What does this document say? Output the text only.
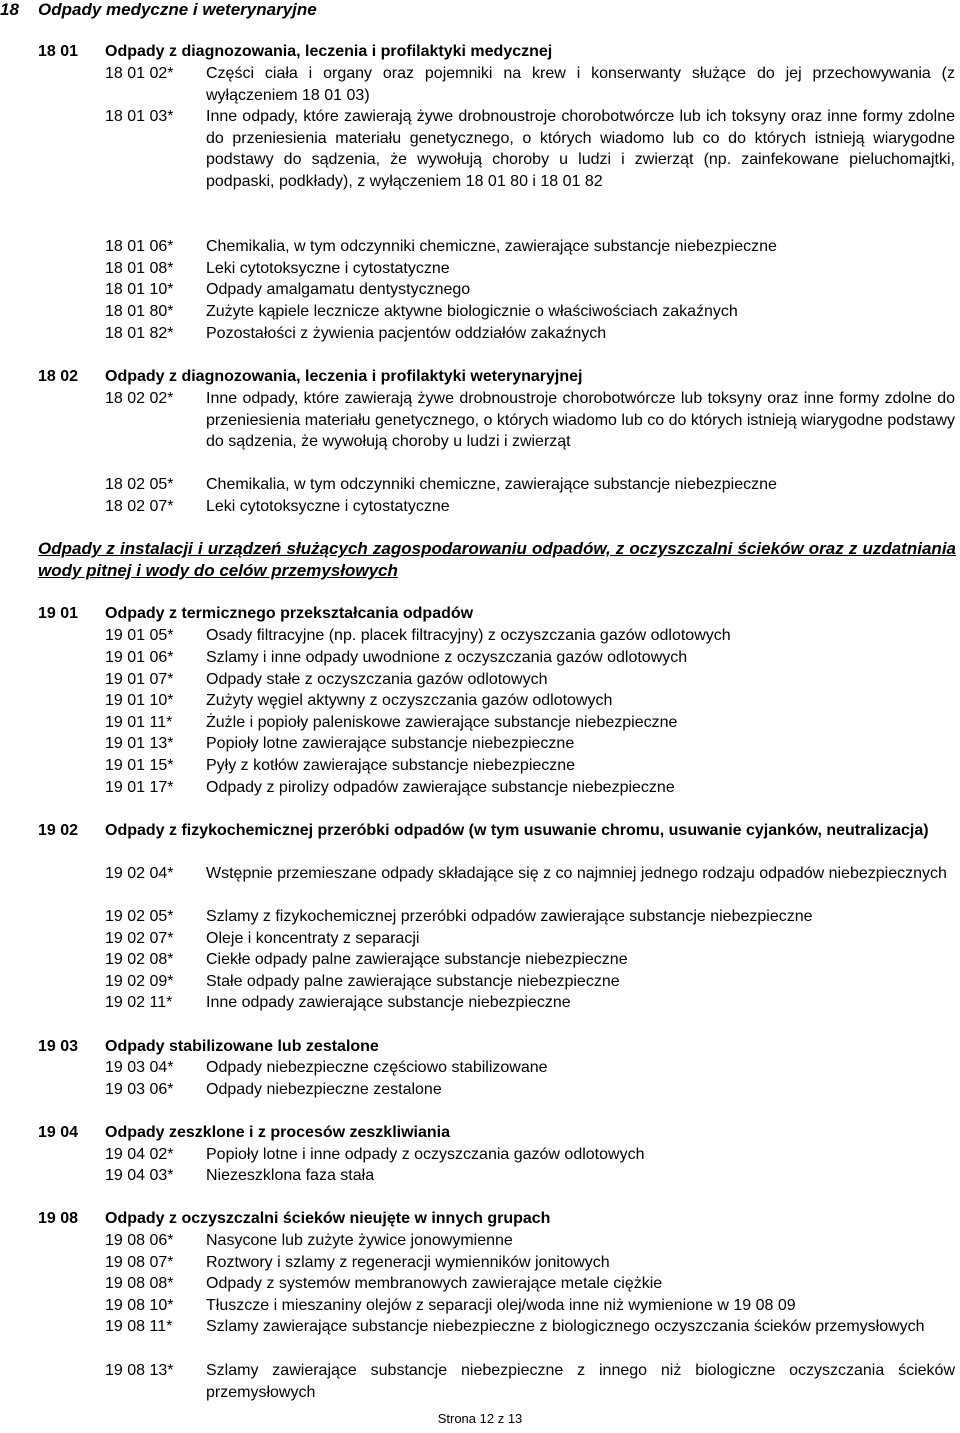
18 Odpady medyczne i weterynaryjne
18 01 Odpady z diagnozowania, leczenia i profilaktyki medycznej
18 01 02* Części ciała i organy oraz pojemniki na krew i konserwanty służące do jej przechowywania (z wyłączeniem 18 01 03)
18 01 03* Inne odpady, które zawierają żywe drobnoustroje chorobotwórcze lub ich toksyny oraz inne formy zdolne do przeniesienia materiału genetycznego, o których wiadomo lub co do których istnieją wiarygodne podstawy do sądzenia, że wywołują choroby u ludzi i zwierząt (np. zainfekowane pieluchomajtki, podpaski, podkłady), z wyłączeniem 18 01 80 i 18 01 82
18 01 06* Chemikalia, w tym odczynniki chemiczne, zawierające substancje niebezpieczne
18 01 08* Leki cytotoksyczne i cytostatyczne
18 01 10* Odpady amalgamatu dentystycznego
18 01 80* Zużyte kąpiele lecznicze aktywne biologicznie o właściwościach zakaźnych
18 01 82* Pozostałości z żywienia pacjentów oddziałów zakaźnych
18 02 Odpady z diagnozowania, leczenia i profilaktyki weterynaryjnej
18 02 02* Inne odpady, które zawierają żywe drobnoustroje chorobotwórcze lub toksyny oraz inne formy zdolne do przeniesienia materiału genetycznego, o których wiadomo lub co do których istnieją wiarygodne podstawy do sądzenia, że wywołują choroby u ludzi i zwierząt
18 02 05* Chemikalia, w tym odczynniki chemiczne, zawierające substancje niebezpieczne
18 02 07* Leki cytotoksyczne i cytostatyczne
Odpady z instalacji i urządzeń służących zagospodarowaniu odpadów, z oczyszczalni ścieków oraz z uzdatniania wody pitnej i wody do celów przemysłowych
19 01 Odpady z termicznego przekształcania odpadów
19 01 05* Osady filtracyjne (np. placek filtracyjny) z oczyszczania gazów odlotowych
19 01 06* Szlamy i inne odpady uwodnione z oczyszczania gazów odlotowych
19 01 07* Odpady stałe z oczyszczania gazów odlotowych
19 01 10* Zużyty węgiel aktywny z oczyszczania gazów odlotowych
19 01 11* Żużle i popioły paleniskowe zawierające substancje niebezpieczne
19 01 13* Popioły lotne zawierające substancje niebezpieczne
19 01 15* Pyły z kotłów zawierające substancje niebezpieczne
19 01 17* Odpady z pirolizy odpadów zawierające substancje niebezpieczne
19 02 Odpady z fizykochemicznej przeróbki odpadów (w tym usuwanie chromu, usuwanie cyjanków, neutralizacja)
19 02 04* Wstępnie przemieszane odpady składające się z co najmniej jednego rodzaju odpadów niebezpiecznych
19 02 05* Szlamy z fizykochemicznej przeróbki odpadów zawierające substancje niebezpieczne
19 02 07* Oleje i koncentraty z separacji
19 02 08* Ciekłe odpady palne zawierające substancje niebezpieczne
19 02 09* Stałe odpady palne zawierające substancje niebezpieczne
19 02 11* Inne odpady zawierające substancje niebezpieczne
19 03 Odpady stabilizowane lub zestalone
19 03 04* Odpady niebezpieczne częściowo stabilizowane
19 03 06* Odpady niebezpieczne zestalone
19 04 Odpady zeszklone i z procesów zeszkliwiania
19 04 02* Popioły lotne i inne odpady z oczyszczania gazów odlotowych
19 04 03* Niezeszklona faza stała
19 08 Odpady z oczyszczalni ścieków nieujęte w innych grupach
19 08 06* Nasycone lub zużyte żywice jonowymienne
19 08 07* Roztwory i szlamy z regeneracji wymienników jonitowych
19 08 08* Odpady z systemów membranowych zawierające metale ciężkie
19 08 10* Tłuszcze i mieszaniny olejów z separacji olej/woda inne niż wymienione w 19 08 09
19 08 11* Szlamy zawierające substancje niebezpieczne z biologicznego oczyszczania ścieków przemysłowych
19 08 13* Szlamy zawierające substancje niebezpieczne z innego niż biologiczne oczyszczania ścieków przemysłowych
Strona 12 z 13
